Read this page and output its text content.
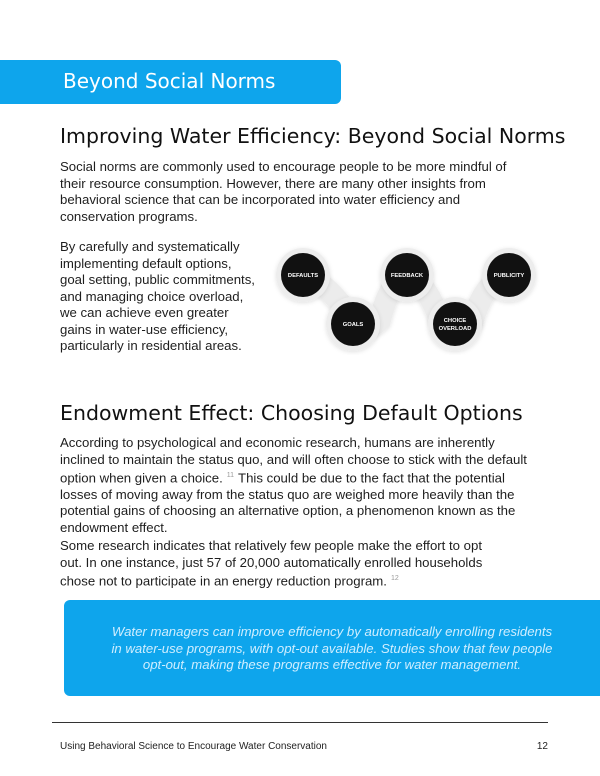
Beyond Social Norms
Improving Water Efficiency: Beyond Social Norms

Social norms are commonly used to encourage people to be more mindful of
their resource consumption. However, there are many other insights from
behavioral science that can be incorporated into water efficiency and
conservation programs.

By carefully and systematically
implementing default options,
goal setting, public commitments,
and managing choice overload,
we can achieve even greater
gains in water-use efficiency,
particularly in residential areas.

DEFAULTS	FEEDBACK	PUBLICITY
GOALS
CHOICE
OVERLOAD
Endowment Effect: Choosing Default Options

According to psychological and economic research, humans are inherently
inclined to maintain the status quo, and will often choose to stick with the default
option when given a choice. $^{11}$ This could be due to the fact that the potential
losses of moving away from the status quo are weighed more heavily than the
potential gains of choosing an alternative option, a phenomenon known as the
endowment effect.

Some research indicates that relatively few people make the effort to opt
out. In one instance, just 57 of 20,000 automatically enrolled households
chose not to participate in an energy reduction program. $^{12}$

Water managers can improve efficiency by automatically enrolling residents
in water-use programs, with opt-out available. Studies show that few people
opt-out, making these programs effective for water management.
Using Behavioral Science to Encourage Water Conservation	12
